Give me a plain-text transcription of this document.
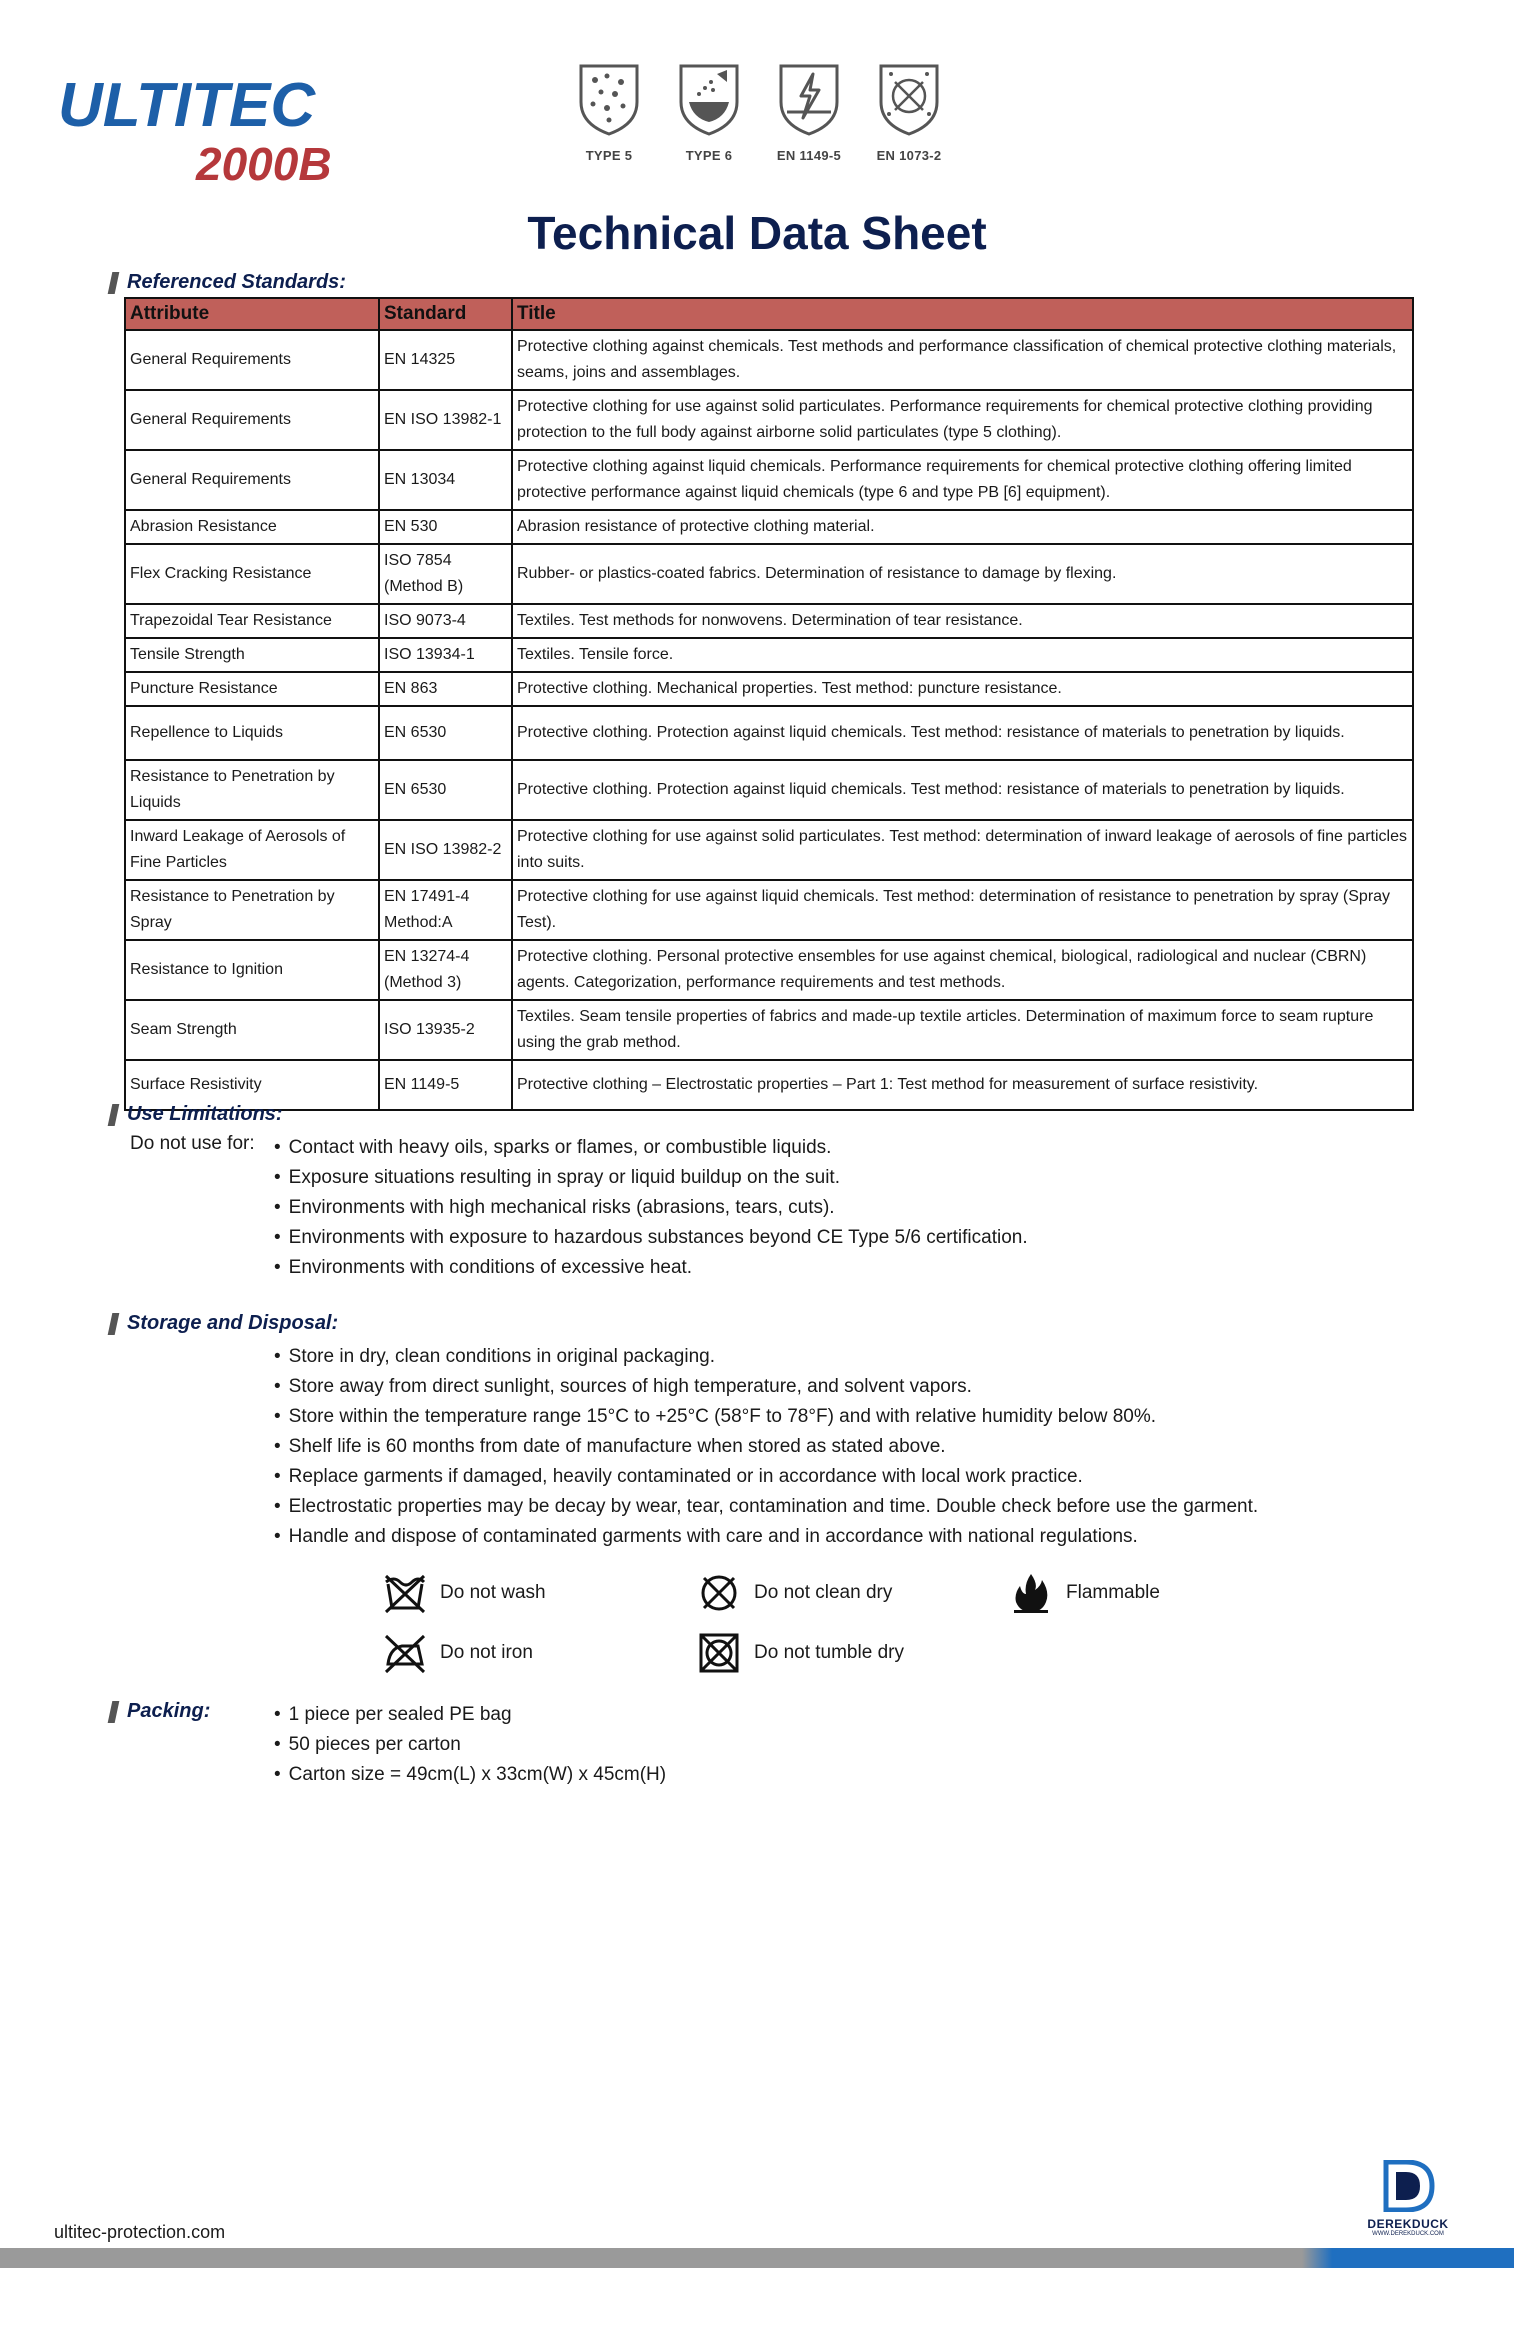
ULTITEC
2000B	TYPE 5	TYPE 6	EN 1149-5	EN 1073-2
Technical Data Sheet
Referenced Standards:
Attribute	Standard	Title
General Requirements	EN 14325	Protective clothing against chemicals. Test methods and performance classification of chemical protective clothing materials, seams, joins and assemblages.
General Requirements	EN ISO 13982-1	Protective clothing for use against solid particulates. Performance requirements for chemical protective clothing providing protection to the full body against airborne solid particulates (type 5 clothing).
General Requirements	EN 13034	Protective clothing against liquid chemicals. Performance requirements for chemical protective clothing offering limited protective performance against liquid chemicals (type 6 and type PB [6] equipment).
Abrasion Resistance	EN 530	Abrasion resistance of protective clothing material.
Flex Cracking Resistance	ISO 7854 (Method B)	Rubber- or plastics-coated fabrics. Determination of resistance to damage by flexing.
Trapezoidal Tear Resistance	ISO 9073-4	Textiles. Test methods for nonwovens. Determination of tear resistance.
Tensile Strength	ISO 13934-1	Textiles. Tensile force.
Puncture Resistance	EN 863	Protective clothing. Mechanical properties. Test method: puncture resistance.
Repellence to Liquids	EN 6530	Protective clothing. Protection against liquid chemicals. Test method: resistance of materials to penetration by liquids.
Resistance to Penetration by Liquids	EN 6530	Protective clothing. Protection against liquid chemicals. Test method: resistance of materials to penetration by liquids.
Inward Leakage of Aerosols of Fine Particles	EN ISO 13982-2	Protective clothing for use against solid particulates. Test method: determination of inward leakage of aerosols of fine particles into suits.
Resistance to Penetration by Spray	EN 17491-4 Method:A	Protective clothing for use against liquid chemicals. Test method: determination of resistance to penetration by spray (Spray Test).
Resistance to Ignition	EN 13274-4 (Method 3)	Protective clothing. Personal protective ensembles for use against chemical, biological, radiological and nuclear (CBRN) agents. Categorization, performance requirements and test methods.
Seam Strength	ISO 13935-2	Textiles. Seam tensile properties of fabrics and made-up textile articles. Determination of maximum force to seam rupture using the grab method.
Surface Resistivity	EN 1149-5	Protective clothing – Electrostatic properties – Part 1: Test method for measurement of surface resistivity.
Use Limitations:
Do not use for:	• Contact with heavy oils, sparks or flames, or combustible liquids.
• Exposure situations resulting in spray or liquid buildup on the suit.
• Environments with high mechanical risks (abrasions, tears, cuts).
• Environments with exposure to hazardous substances beyond CE Type 5/6 certification.
• Environments with conditions of excessive heat.
Storage and Disposal:
• Store in dry, clean conditions in original packaging.
• Store away from direct sunlight, sources of high temperature, and solvent vapors.
• Store within the temperature range 15°C to +25°C (58°F to 78°F) and with relative humidity below 80%.
• Shelf life is 60 months from date of manufacture when stored as stated above.
• Replace garments if damaged, heavily contaminated or in accordance with local work practice.
• Electrostatic properties may be decay by wear, tear, contamination and time. Double check before use the garment.
• Handle and dispose of contaminated garments with care and in accordance with national regulations.
Do not wash	Do not clean dry	Flammable
Do not iron	Do not tumble dry
Packing:	• 1 piece per sealed PE bag
• 50 pieces per carton
• Carton size = 49cm(L) x 33cm(W) x 45cm(H)
ultitec-protection.com	DEREKDUCK
WWW.DEREKDUCK.COM
